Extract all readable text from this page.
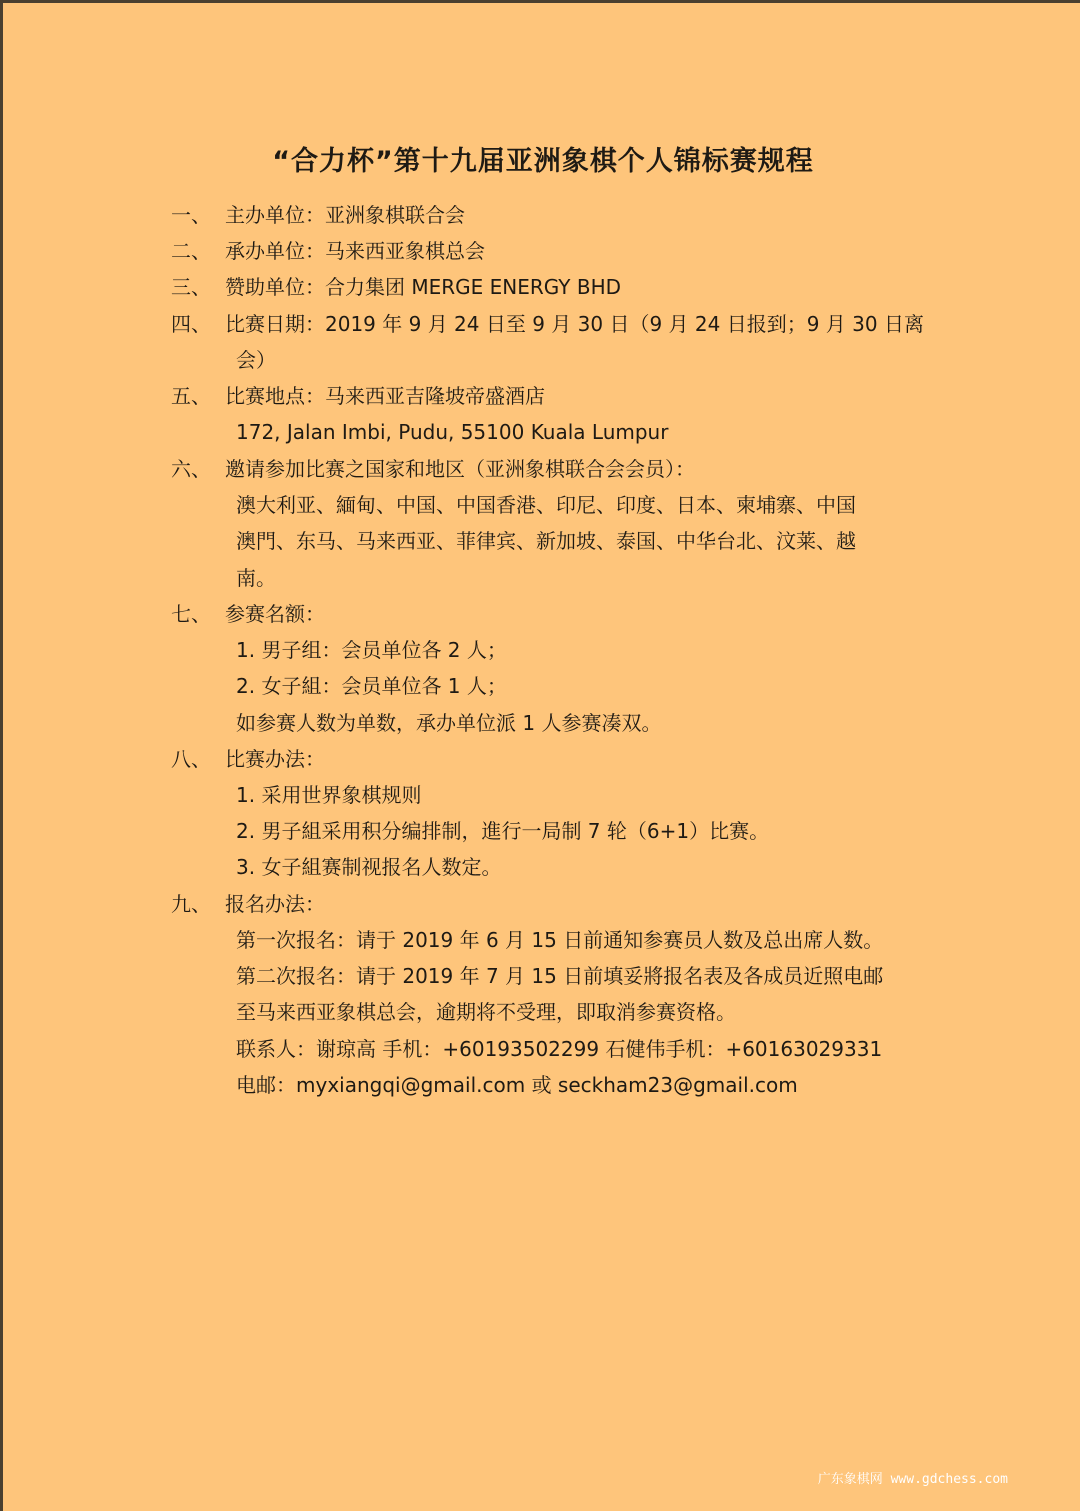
“合力杯”第十九届亚洲象棋个人锦标赛规程
一、 主办单位：亚洲象棋联合会
二、 承办单位：马来西亚象棋总会
三、 赞助单位：合力集团 MERGE ENERGY BHD
四、 比赛日期：2019 年 9 月 24 日至 9 月 30 日（9 月 24 日报到；9 月 30 日离
会）
五、 比赛地点：马来西亚吉隆坡帝盛酒店
172, Jalan Imbi, Pudu, 55100 Kuala Lumpur
六、 邀请参加比赛之国家和地区（亚洲象棋联合会会员）：
澳大利亚、緬甸、中国、中国香港、印尼、印度、日本、柬埔寨、中国
澳門、东马、马来西亚、菲律宾、新加坡、泰国、中华台北、汶莱、越
南。
七、 参赛名额：
1. 男子组：会员单位各 2 人；
2. 女子組：会员单位各 1 人；
如参赛人数为单数，承办单位派 1 人参赛凑双。
八、 比赛办法：
1. 采用世界象棋规则
2. 男子組采用积分编排制，進行一局制 7 轮（6+1）比赛。
3. 女子組赛制视报名人数定。
九、 报名办法：
第一次报名：请于 2019 年 6 月 15 日前通知参赛员人数及总出席人数。
第二次报名：请于 2019 年 7 月 15 日前填妥將报名表及各成员近照电邮
至马来西亚象棋总会，逾期将不受理，即取消参赛资格。
联系人：谢琼高 手机：+60193502299 石健伟手机：+60163029331
电邮：myxiangqi@gmail.com 或 seckham23@gmail.com
广东象棋网 www.gdchess.com
